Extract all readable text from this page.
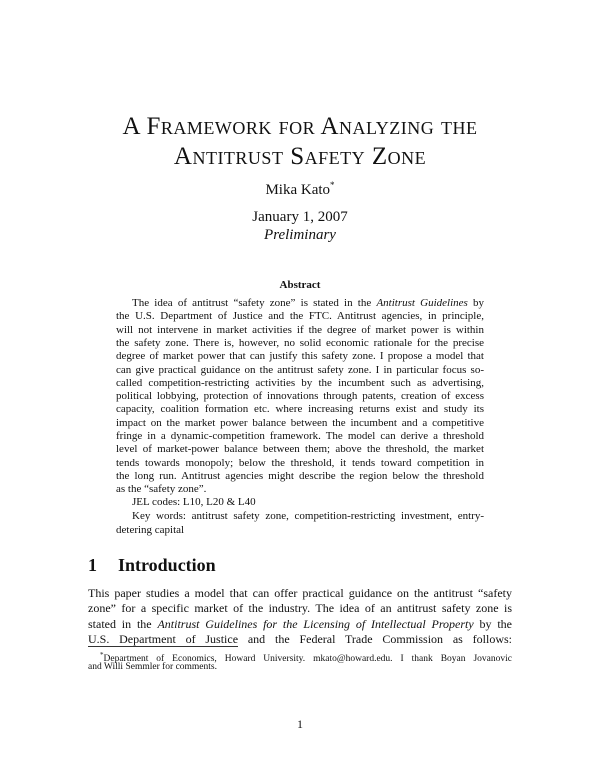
A Framework for Analyzing the
Antitrust Safety Zone
Mika Kato*
January 1, 2007
Preliminary
Abstract
The idea of antitrust “safety zone” is stated in the Antitrust Guidelines by
the U.S. Department of Justice and the FTC. Antitrust agencies, in principle,
will not intervene in market activities if the degree of market power is within
the safety zone. There is, however, no solid economic rationale for the precise
degree of market power that can justify this safety zone. I propose a model that
can give practical guidance on the antitrust safety zone. I in particular focus so-
called competition-restricting activities by the incumbent such as advertising,
political lobbying, protection of innovations through patents, creation of excess
capacity, coalition formation etc. where increasing returns exist and study its
impact on the market power balance between the incumbent and a competitive
fringe in a dynamic-competition framework. The model can derive a threshold
level of market-power balance between them; above the threshold, the market
tends towards monopoly; below the threshold, it tends toward competition in
the long run. Antitrust agencies might describe the region below the threshold
as the “safety zone”.
JEL codes: L10, L20 & L40
Key words: antitrust safety zone, competition-restricting investment, entry-
detering capital
1 Introduction
This paper studies a model that can offer practical guidance on the antitrust “safety
zone” for a specific market of the industry. The idea of an antitrust safety zone is
stated in the Antitrust Guidelines for the Licensing of Intellectual Property by the
U.S. Department of Justice and the Federal Trade Commission as follows:
*Department of Economics, Howard University. mkato@howard.edu. I thank Boyan Jovanovic
and Willi Semmler for comments.
1
